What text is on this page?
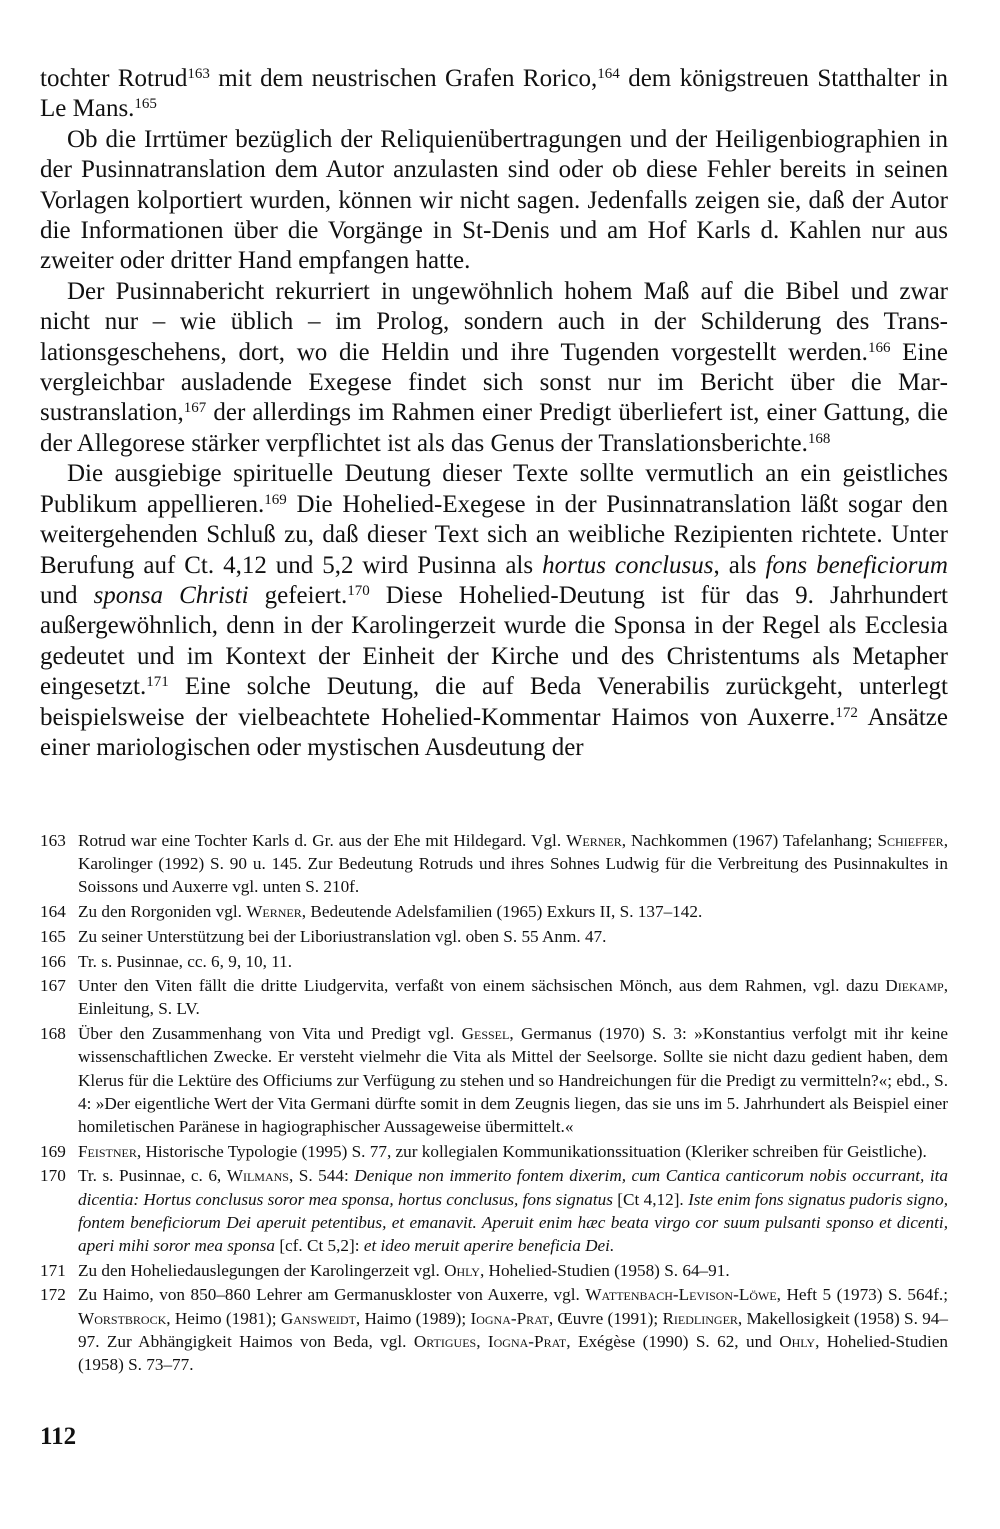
tochter Rotrud$^{163}$ mit dem neustrischen Grafen Rorico,$^{164}$ dem königstreuen Statthalter in Le Mans.$^{165}$

Ob die Irrtümer bezüglich der Reliquienübertragungen und der Heiligenbiographien in der Pusinnatranslation dem Autor anzulasten sind oder ob diese Fehler bereits in seinen Vorlagen kolportiert wurden, können wir nicht sagen. Jedenfalls zeigen sie, daß der Autor die Informationen über die Vorgänge in St-Denis und am Hof Karls d. Kahlen nur aus zweiter oder dritter Hand empfangen hatte.

Der Pusinnabericht rekurriert in ungewöhnlich hohem Maß auf die Bibel und zwar nicht nur – wie üblich – im Prolog, sondern auch in der Schilderung des Translationsgeschehens, dort, wo die Heldin und ihre Tugenden vorgestellt werden.$^{166}$ Eine vergleichbar ausladende Exegese findet sich sonst nur im Bericht über die Marsustranslation,$^{167}$ der allerdings im Rahmen einer Predigt überliefert ist, einer Gattung, die der Allegorese stärker verpflichtet ist als das Genus der Translationsberichte.$^{168}$

Die ausgiebige spirituelle Deutung dieser Texte sollte vermutlich an ein geistliches Publikum appellieren.$^{169}$ Die Hohelied-Exegese in der Pusinnatranslation läßt sogar den weitergehenden Schluß zu, daß dieser Text sich an weibliche Rezipienten richtete. Unter Berufung auf Ct. 4,12 und 5,2 wird Pusinna als hortus conclusus, als fons beneficiorum und sponsa Christi gefeiert.$^{170}$ Diese Hohelied-Deutung ist für das 9. Jahrhundert außergewöhnlich, denn in der Karolingerzeit wurde die Sponsa in der Regel als Ecclesia gedeutet und im Kontext der Einheit der Kirche und des Christentums als Metapher eingesetzt.$^{171}$ Eine solche Deutung, die auf Beda Venerabilis zurückgeht, unterlegt beispielsweise der vielbeachtete Hohelied-Kommentar Haimos von Auxerre.$^{172}$ Ansätze einer mariologischen oder mystischen Ausdeutung der

163 Rotrud war eine Tochter Karls d. Gr. aus der Ehe mit Hildegard. Vgl. Werner, Nachkommen (1967) Tafelanhang; Schieffer, Karolinger (1992) S. 90 u. 145. Zur Bedeutung Rotruds und ihres Sohnes Ludwig für die Verbreitung des Pusinnakultes in Soissons und Auxerre vgl. unten S. 210f.
164 Zu den Rorgoniden vgl. Werner, Bedeutende Adelsfamilien (1965) Exkurs II, S. 137–142.
165 Zu seiner Unterstützung bei der Liboriustranslation vgl. oben S. 55 Anm. 47.
166 Tr. s. Pusinnae, cc. 6, 9, 10, 11.
167 Unter den Viten fällt die dritte Liudgervita, verfaßt von einem sächsischen Mönch, aus dem Rahmen, vgl. dazu Diekamp, Einleitung, S. LV.
168 Über den Zusammenhang von Vita und Predigt vgl. Gessel, Germanus (1970) S. 3: »Konstantius verfolgt mit ihr keine wissenschaftlichen Zwecke. Er versteht vielmehr die Vita als Mittel der Seelsorge. Sollte sie nicht dazu gedient haben, dem Klerus für die Lektüre des Officiums zur Verfügung zu stehen und so Handreichungen für die Predigt zu vermitteln?«; ebd., S. 4: »Der eigentliche Wert der Vita Germani dürfte somit in dem Zeugnis liegen, das sie uns im 5. Jahrhundert als Beispiel einer homiletischen Paränese in hagiographischer Aussageweise übermittelt.«
169 Feistner, Historische Typologie (1995) S. 77, zur kollegialen Kommunikationssituation (Kleriker schreiben für Geistliche).
170 Tr. s. Pusinnae, c. 6, Wilmans, S. 544: Denique non immerito fontem dixerim, cum Cantica canticorum nobis occurrant, ita dicentia: Hortus conclusus soror mea sponsa, hortus conclusus, fons signatus [Ct 4,12]. Iste enim fons signatus pudoris signo, fontem beneficiorum Dei aperuit petentibus, et emanavit. Aperuit enim hæc beata virgo cor suum pulsanti sponso et dicenti, aperi mihi soror mea sponsa [cf. Ct 5,2]: et ideo meruit aperire beneficia Dei.
171 Zu den Hoheliedauslegungen der Karolingerzeit vgl. Ohly, Hohelied-Studien (1958) S. 64–91.
172 Zu Haimo, von 850–860 Lehrer am Germanuskloster von Auxerre, vgl. Wattenbach-Levison-Löwe, Heft 5 (1973) S. 564f.; Worstbrock, Heimo (1981); Gansweidt, Haimo (1989); Iogna-Prat, Œuvre (1991); Riedlinger, Makellosigkeit (1958) S. 94–97. Zur Abhängigkeit Haimos von Beda, vgl. Ortigues, Iogna-Prat, Exégèse (1990) S. 62, und Ohly, Hohelied-Studien (1958) S. 73–77.
112
